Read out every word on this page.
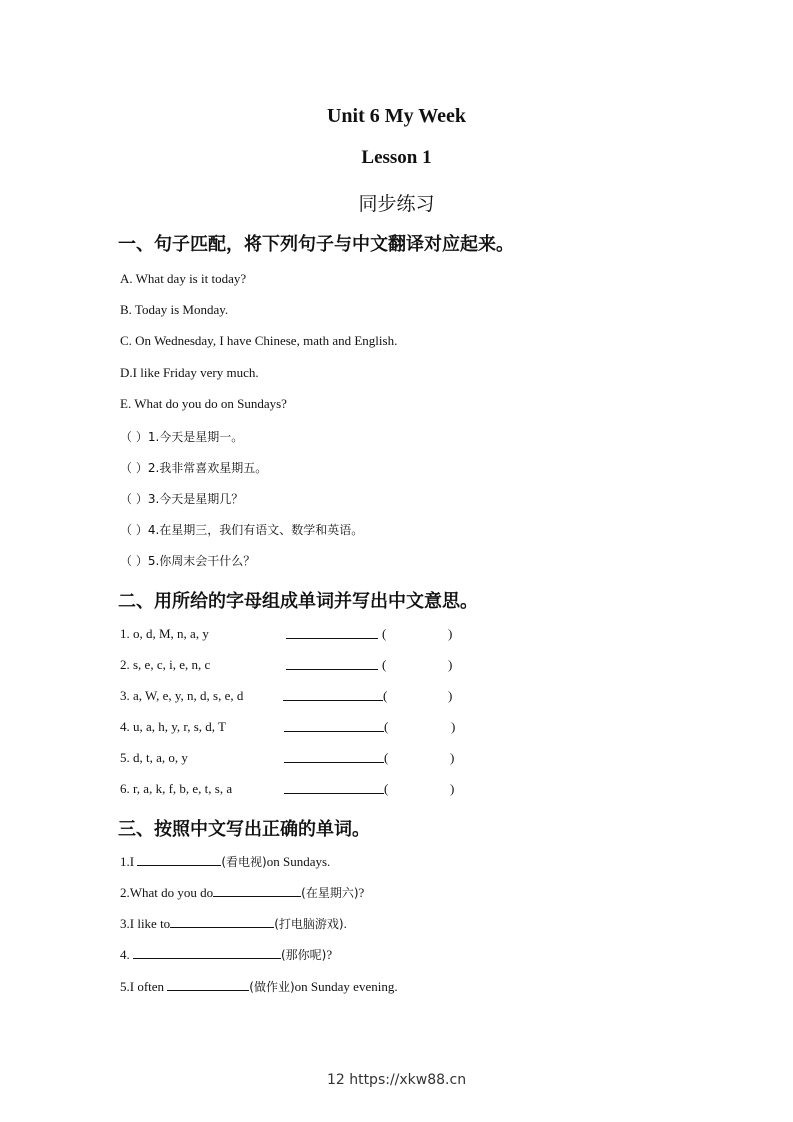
Unit 6 My Week
Lesson 1
同步练习
一、句子匹配，将下列句子与中文翻译对应起来。
A. What day is it today?
B. Today is Monday.
C. On Wednesday, I have Chinese, math and English.
D.I like Friday very much.
E. What do you do on Sundays?
（ ）1.今天是星期一。
（ ）2.我非常喜欢星期五。
（ ）3.今天是星期几？
（ ）4.在星期三，我们有语文、数学和英语。
（ ）5.你周末会干什么？
二、用所给的字母组成单词并写出中文意思。
1. o, d, M, n, a, y	(	)
2. s, e, c, i, e, n, c	(	)
3. a, W, e, y, n, d, s, e, d	(	)
4. u, a, h, y, r, s, d, T	(	)
5. d, t, a, o, y	(	)
6. r, a, k, f, b, e, t, s, a	(	)
三、按照中文写出正确的单词。
1.I	(看电视)on Sundays.
2.What do you do	(在星期六)?
3.I like to	(打电脑游戏).
4.	(那你呢)?
5.I often	(做作业)on Sunday evening.
12 https://xkw88.cn
